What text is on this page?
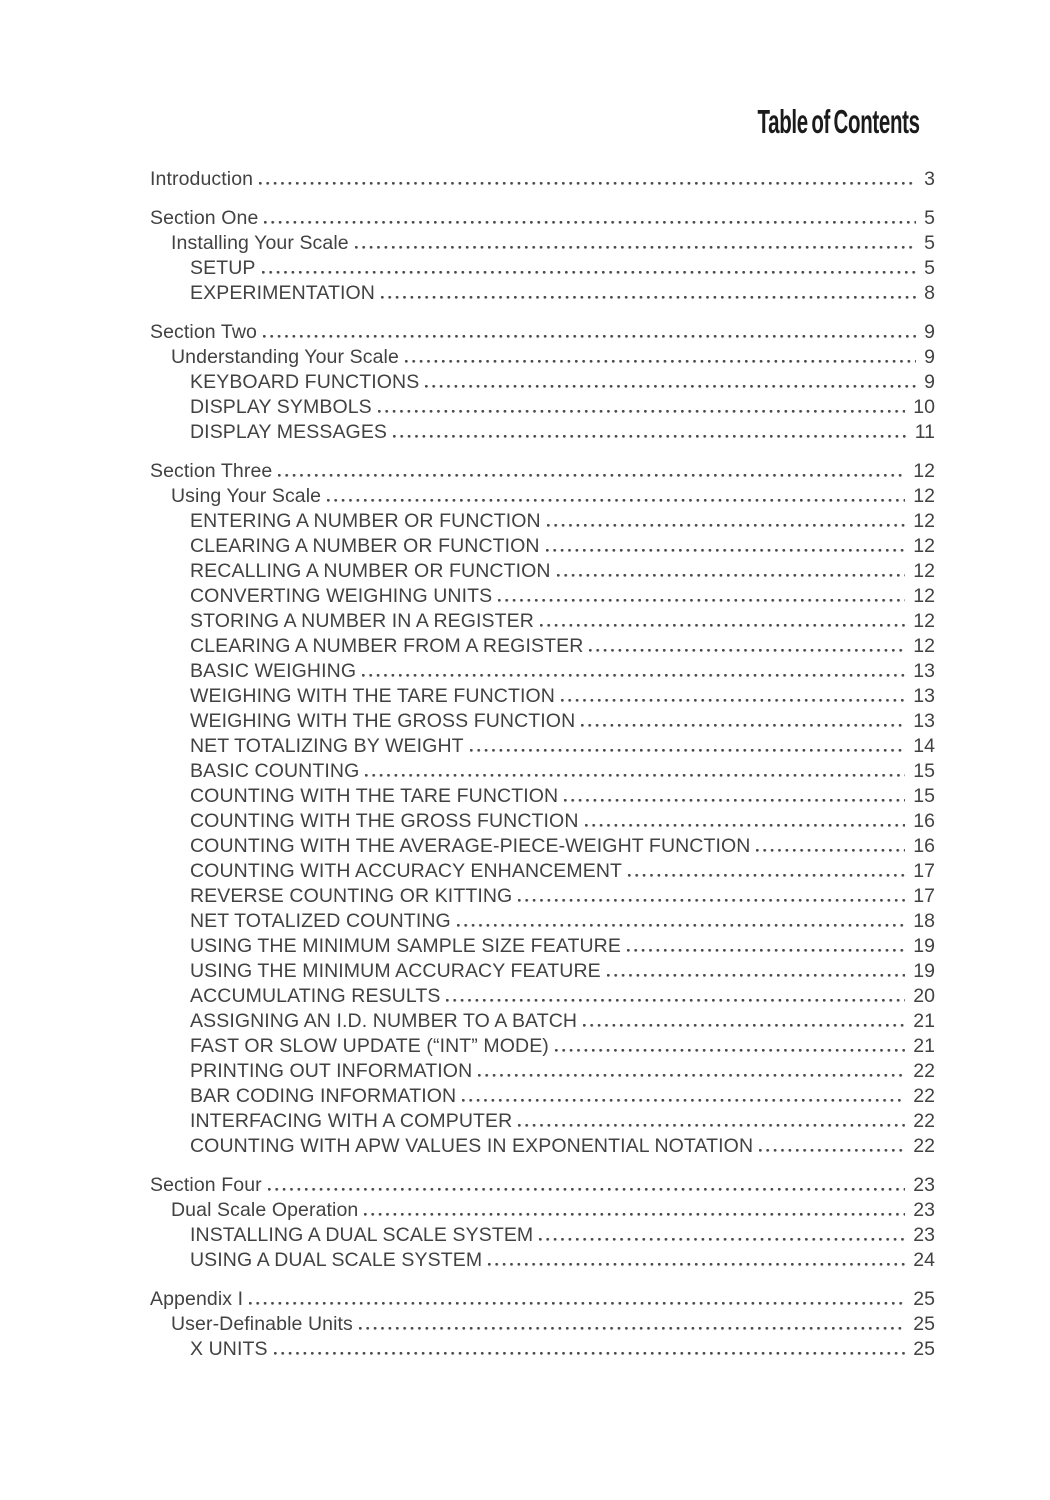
Table of Contents
Introduction	3
Section One	5
Installing Your Scale	5
SETUP	5
EXPERIMENTATION	8
Section Two	9
Understanding Your Scale	9
KEYBOARD FUNCTIONS	9
DISPLAY SYMBOLS	10
DISPLAY MESSAGES	11
Section Three	12
Using Your Scale	12
ENTERING A NUMBER OR FUNCTION	12
CLEARING A NUMBER OR FUNCTION	12
RECALLING A NUMBER OR FUNCTION	12
CONVERTING WEIGHING UNITS	12
STORING A NUMBER IN A REGISTER	12
CLEARING A NUMBER FROM A REGISTER	12
BASIC WEIGHING	13
WEIGHING WITH THE TARE FUNCTION	13
WEIGHING WITH THE GROSS FUNCTION	13
NET TOTALIZING BY WEIGHT	14
BASIC COUNTING	15
COUNTING WITH THE TARE FUNCTION	15
COUNTING WITH THE GROSS FUNCTION	16
COUNTING WITH THE AVERAGE-PIECE-WEIGHT FUNCTION	16
COUNTING WITH ACCURACY ENHANCEMENT	17
REVERSE COUNTING OR KITTING	17
NET TOTALIZED COUNTING	18
USING THE MINIMUM SAMPLE SIZE FEATURE	19
USING THE MINIMUM ACCURACY FEATURE	19
ACCUMULATING RESULTS	20
ASSIGNING AN I.D. NUMBER TO A BATCH	21
FAST OR SLOW UPDATE (“INT” MODE)	21
PRINTING OUT INFORMATION	22
BAR CODING INFORMATION	22
INTERFACING WITH A COMPUTER	22
COUNTING WITH APW VALUES IN EXPONENTIAL NOTATION	22
Section Four	23
Dual Scale Operation	23
INSTALLING A DUAL SCALE SYSTEM	23
USING A DUAL SCALE SYSTEM	24
Appendix I	25
User-Definable Units	25
X UNITS	25
